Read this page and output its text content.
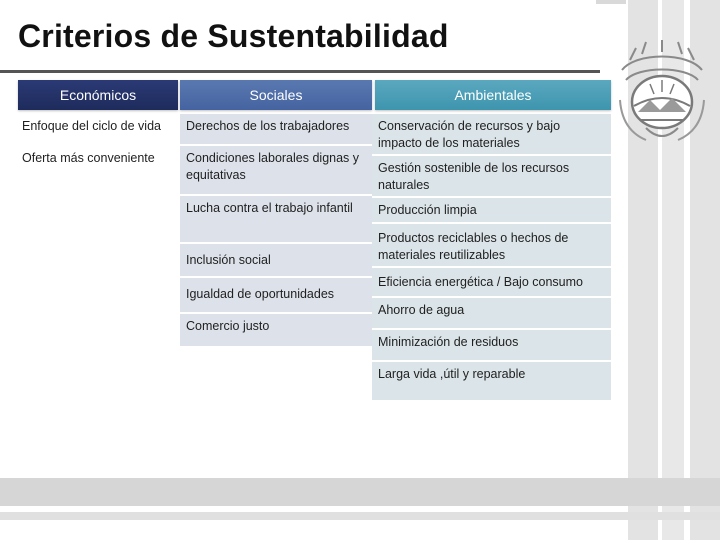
Criterios de Sustentabilidad
Económicos	Sociales	Ambientales
Enfoque del ciclo de vida
Oferta más conveniente
Derechos de los trabajadores
Condiciones laborales dignas y equitativas
Lucha contra el trabajo infantil
Inclusión social
Igualdad de oportunidades
Comercio justo
Conservación de recursos y bajo impacto de los materiales
Gestión sostenible de los recursos naturales
Producción limpia
Productos reciclables o hechos de materiales reutilizables
Eficiencia energética / Bajo consumo
Ahorro de agua
Minimización de residuos
Larga vida ,útil y reparable
